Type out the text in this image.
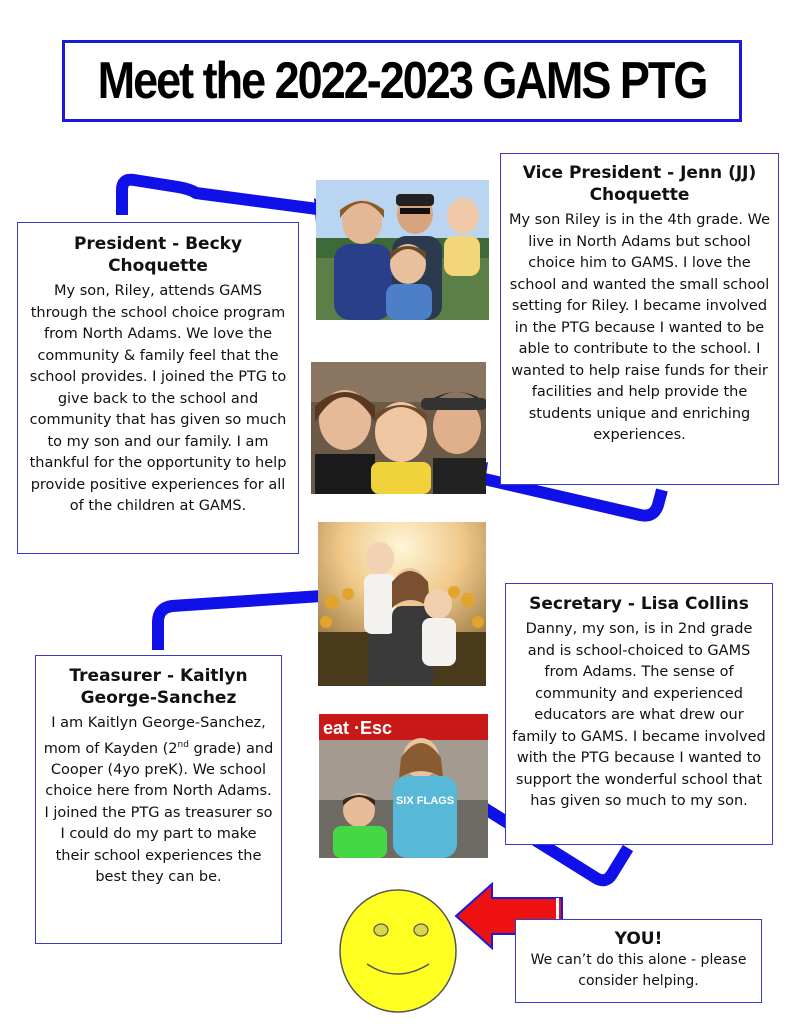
Meet the 2022-2023 GAMS PTG
President - Becky Choquette

My son, Riley, attends GAMS through the school choice program from North Adams. We love the community & family feel that the school provides. I joined the PTG to give back to the school and community that has given so much to my son and our family. I am thankful for the opportunity to help provide positive experiences for all of the children at GAMS.

Vice President - Jenn (JJ) Choquette

My son Riley is in the 4th grade. We live in North Adams but school choice him to GAMS. I love the school and wanted the small school setting for Riley. I became involved in the PTG because I wanted to be able to contribute to the school. I wanted to help raise funds for their facilities and help provide the students unique and enriching experiences.

Treasurer - Kaitlyn George-Sanchez

I am Kaitlyn George-Sanchez, mom of Kayden (2nd grade) and Cooper (4yo preK). We school choice here from North Adams. I joined the PTG as treasurer so I could do my part to make their school experiences the best they can be.

Secretary - Lisa Collins

Danny, my son, is in 2nd grade and is school-choiced to GAMS from Adams. The sense of community and experienced educators are what drew our family to GAMS. I became involved with the PTG because I wanted to support the wonderful school that has given so much to my son.

eat ·Esc
SIX FLAGS
YOU!

We can’t do this alone - please consider helping.
